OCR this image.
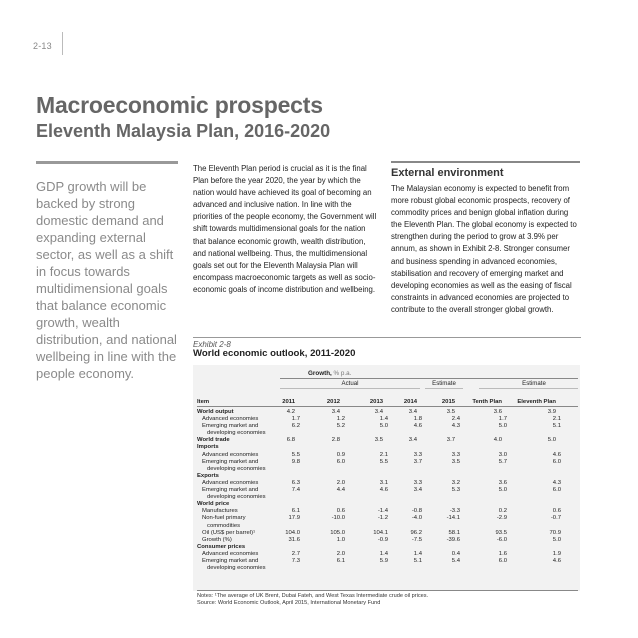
2-13
Macroeconomic prospects
Eleventh Malaysia Plan, 2016-2020

GDP growth will be backed by strong domestic demand and expanding external sector, as well as a shift in focus towards multidimensional goals that balance economic growth, wealth distribution, and national wellbeing in line with the people economy.

The Eleventh Plan period is crucial as it is the final Plan before the year 2020, the year by which the nation would have achieved its goal of becoming an advanced and inclusive nation. In line with the priorities of the people economy, the Government will shift towards multidimensional goals for the nation that balance economic growth, wealth distribution, and national wellbeing. Thus, the multidimensional goals set out for the Eleventh Malaysia Plan will encompass macroeconomic targets as well as socio-economic goals of income distribution and wellbeing.

External environment

The Malaysian economy is expected to benefit from more robust global economic prospects, recovery of commodity prices and benign global inflation during the Eleventh Plan. The global economy is expected to strengthen during the period to grow at 3.9% per annum, as shown in Exhibit 2-8. Stronger consumer and business spending in advanced economies, stabilisation and recovery of emerging market and developing economies as well as the easing of fiscal constraints in advanced economies are projected to contribute to the overall stronger global growth.

Exhibit 2-8
World economic outlook, 2011-2020
Growth, % p.a.
Actual	Estimate	Estimate
Item	2011	2012	2013	2014	2015	Tenth Plan	Eleventh Plan
World output	4.2	3.4	3.4	3.4	3.5	3.6	3.9
Advanced economies	1.7	1.2	1.4	1.8	2.4	1.7	2.1
Emerging market and
developing economies
6.2	5.2	5.0	4.6	4.3	5.0	5.1
World trade	6.8	2.8	3.5	3.4	3.7	4.0	5.0
Imports
Advanced economies	5.5	0.9	2.1	3.3	3.3	3.0	4.6
Emerging market and
developing economies
9.8	6.0	5.5	3.7	3.5	5.7	6.0
Exports
Advanced economies	6.3	2.0	3.1	3.3	3.2	3.6	4.3
Emerging market and
developing economies
7.4	4.4	4.6	3.4	5.3	5.0	6.0
World price
Manufactures	6.1	0.6	-1.4	-0.8	-3.3	0.2	0.6
Non-fuel primary
commodities
17.9	-10.0	-1.2	-4.0	-14.1	-2.9	-0.7
Oil (US$ per barrel)¹	104.0	105.0	104.1	96.2	58.1	93.5	70.9
Growth (%)	31.6	1.0	-0.9	-7.5	-39.6	-6.0	5.0
Consumer prices
Advanced economies	2.7	2.0	1.4	1.4	0.4	1.6	1.9
Emerging market and
developing economies
7.3	6.1	5.9	5.1	5.4	6.0	4.6
Notes: ¹The average of UK Brent, Dubai Fateh, and West Texas Intermediate crude oil prices.
Source: World Economic Outlook, April 2015, International Monetary Fund
